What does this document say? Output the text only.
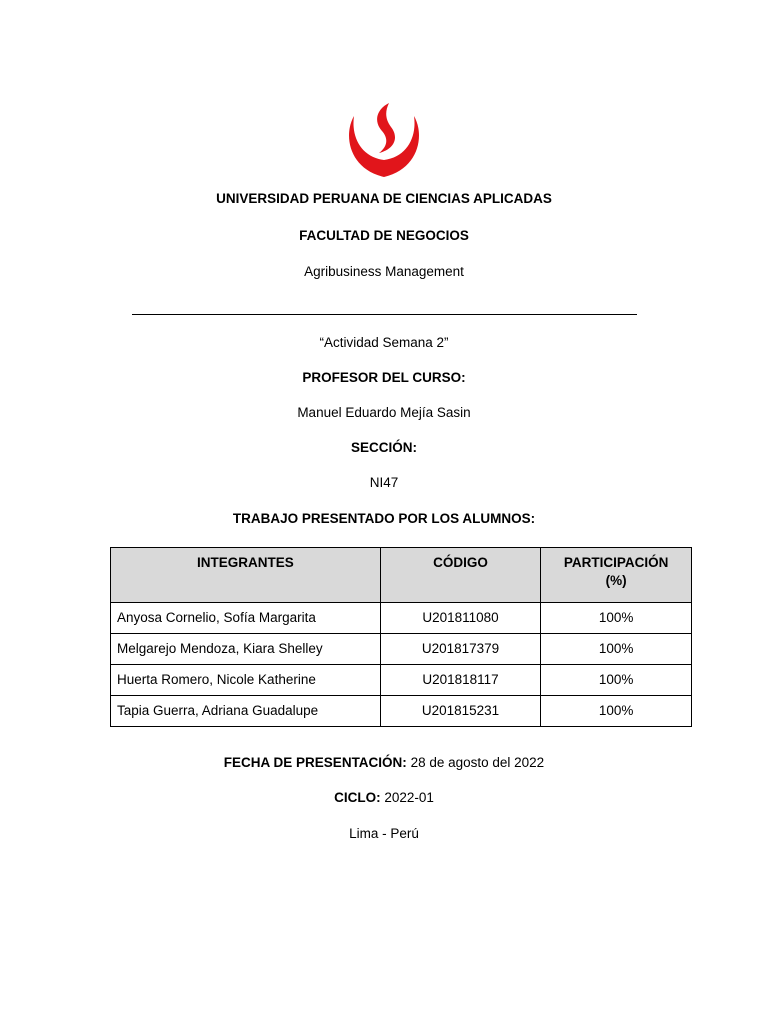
UNIVERSIDAD PERUANA DE CIENCIAS APLICADAS
FACULTAD DE NEGOCIOS
Agribusiness Management
“Actividad Semana 2”
PROFESOR DEL CURSO:
Manuel Eduardo Mejía Sasin
SECCIÓN:
NI47
TRABAJO PRESENTADO POR LOS ALUMNOS:
INTEGRANTES	CÓDIGO	PARTICIPACIÓN
(%)
Anyosa Cornelio, Sofía Margarita	U201811080	100%
Melgarejo Mendoza, Kiara Shelley	U201817379	100%
Huerta Romero, Nicole Katherine	U201818117	100%
Tapia Guerra, Adriana Guadalupe	U201815231	100%
FECHA DE PRESENTACIÓN: 28 de agosto del 2022
CICLO: 2022-01
Lima - Perú
